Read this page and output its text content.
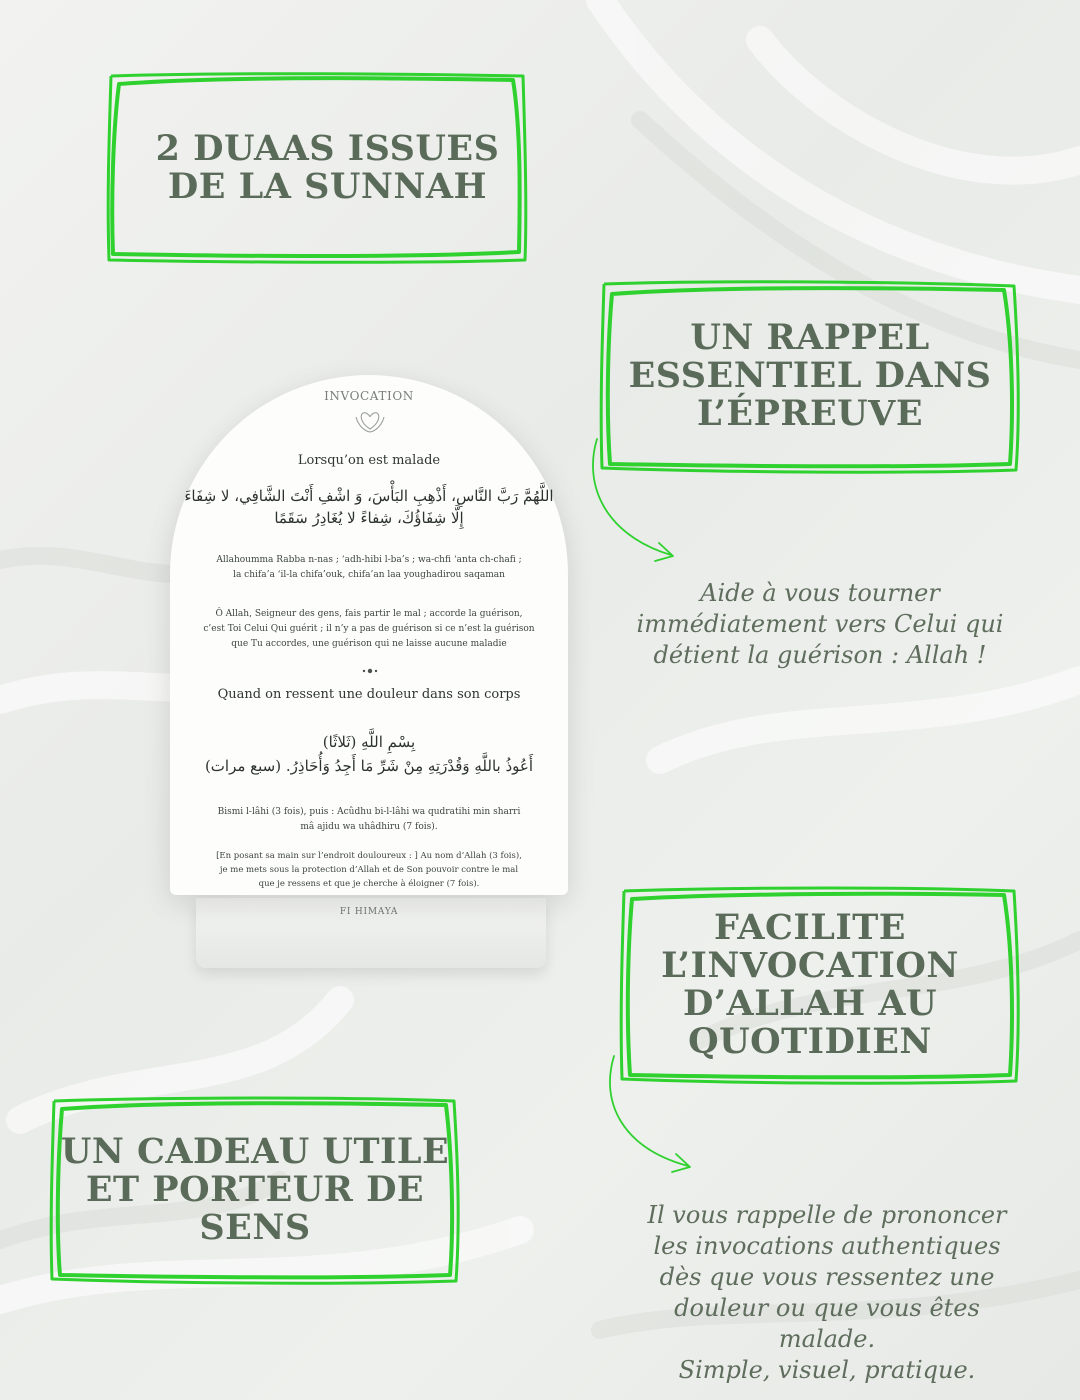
2 DUAAS ISSUES
DE LA SUNNAH
UN RAPPEL
ESSENTIEL DANS
L’ÉPREUVE
Aide à vous tourner
immédiatement vers Celui qui
détient la guérison : Allah !
INVOCATION
Lorsqu’on est malade
اللَّهُمَّ رَبَّ النَّاسِ، أَذْهِبِ البَأْسَ، وَ اشْفِ أَنْتَ الشَّافِي، لا شِفَاءَ إِلَّا شِفَاؤُكَ، شِفاءً لا يُغَادِرُ سَقَمًا
Allahoumma Rabba n-nas ; ‘adh-hibi l-ba’s ; wa-chfi ‘anta ch-chafi ;
la chifa’a ‘il-la chifa’ouk, chifa’an laa youghadirou saqaman
Ô Allah, Seigneur des gens, fais partir le mal ; accorde la guérison,
c’est Toi Celui Qui guérit ; il n’y a pas de guérison si ce n’est la guérison
que Tu accordes, une guérison qui ne laisse aucune maladie
Quand on ressent une douleur dans son corps
بِسْمِ اللَّهِ (ثَلاثًا)
أَعُوذُ باللَّهِ وَقُدْرَتِهِ مِنْ شَرِّ مَا أَجِدُ وَأُحَاذِرُ. (سبع مرات)
Bismi l-lâhi (3 fois), puis : Acûdhu bi-l-lâhi wa qudratihi min sharri
mâ ajidu wa uhâdhiru (7 fois).
[En posant sa main sur l’endroit douloureux : ] Au nom d’Allah (3 fois),
je me mets sous la protection d’Allah et de Son pouvoir contre le mal
que je ressens et que je cherche à éloigner (7 fois).
FI HIMAYA	FACILITE
L’INVOCATION
D’ALLAH AU
QUOTIDIEN
UN CADEAU UTILE
ET PORTEUR DE
SENS	Il vous rappelle de prononcer
les invocations authentiques
dès que vous ressentez une
douleur ou que vous êtes
malade.
Simple, visuel, pratique.
